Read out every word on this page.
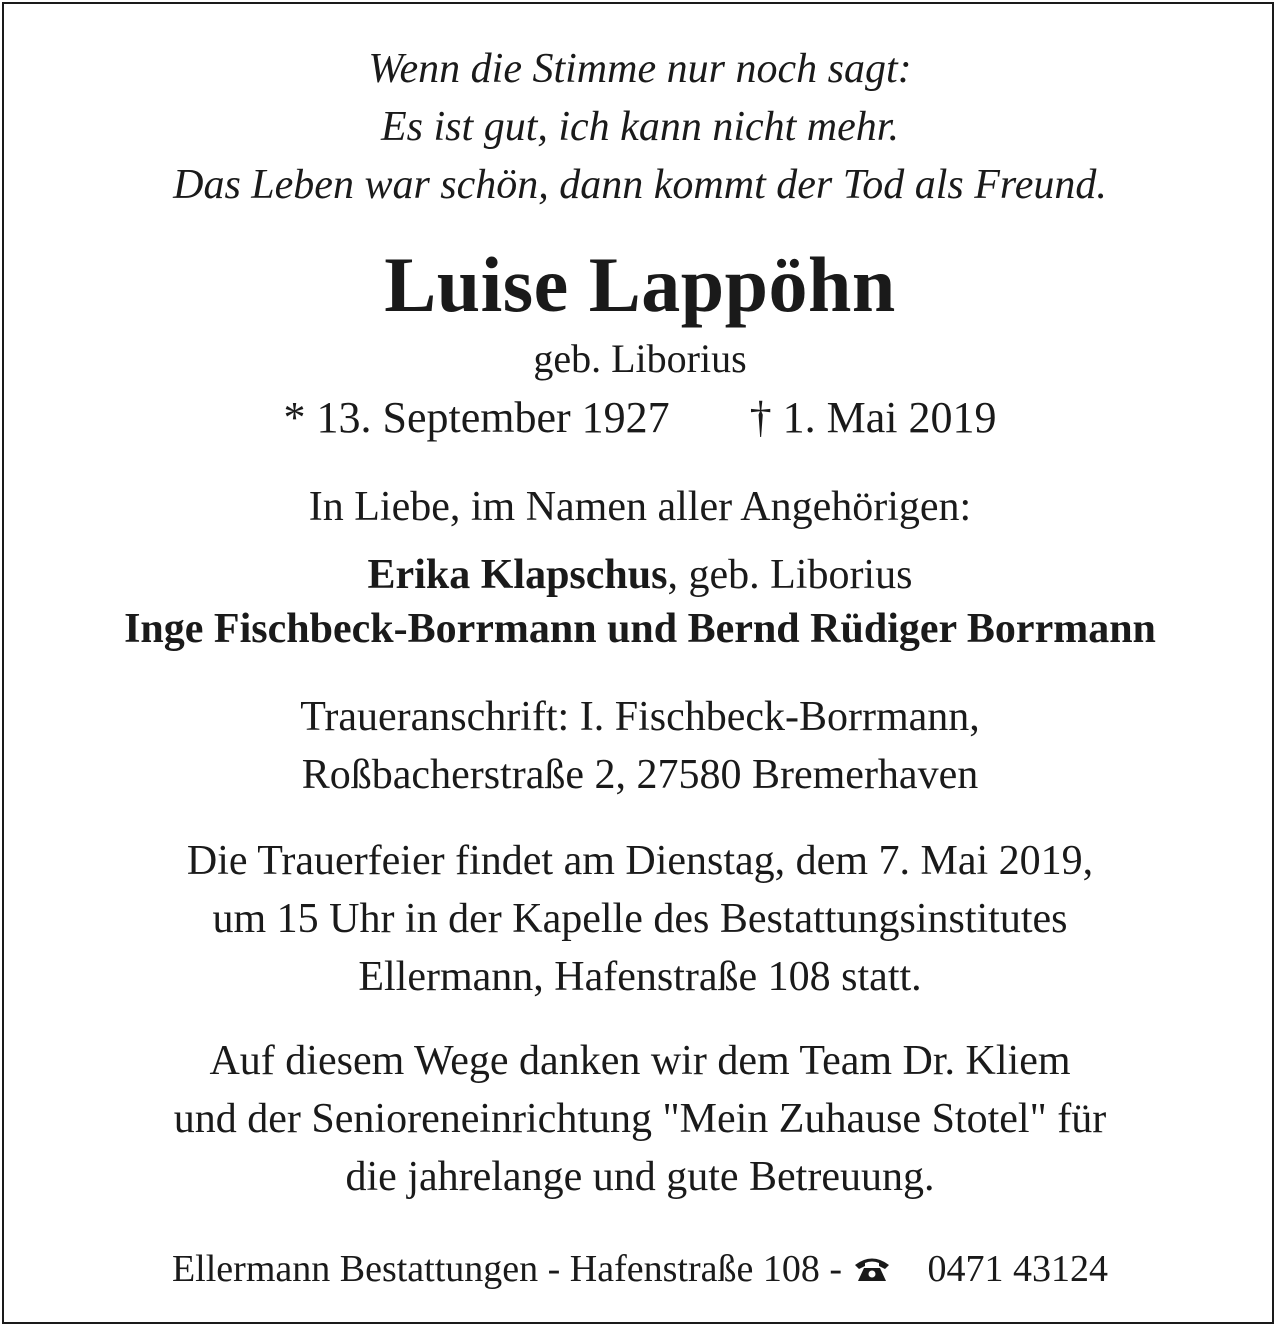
Wenn die Stimme nur noch sagt:
Es ist gut, ich kann nicht mehr.
Das Leben war schön, dann kommt der Tod als Freund.
Luise Lappöhn
geb. Liborius
* 13. September 1927 † 1. Mai 2019
In Liebe, im Namen aller Angehörigen:
Erika Klapschus, geb. Liborius
Inge Fischbeck-Borrmann und Bernd Rüdiger Borrmann
Traueranschrift: I. Fischbeck-Borrmann,
Roßbacherstraße 2, 27580 Bremerhaven
Die Trauerfeier findet am Dienstag, dem 7. Mai 2019,
um 15 Uhr in der Kapelle des Bestattungsinstitutes
Ellermann, Hafenstraße 108 statt.
Auf diesem Wege danken wir dem Team Dr. Kliem
und der Senioreneinrichtung "Mein Zuhause Stotel" für
die jahrelange und gute Betreuung.
Ellermann Bestattungen - Hafenstraße 108 - 0471 43124
